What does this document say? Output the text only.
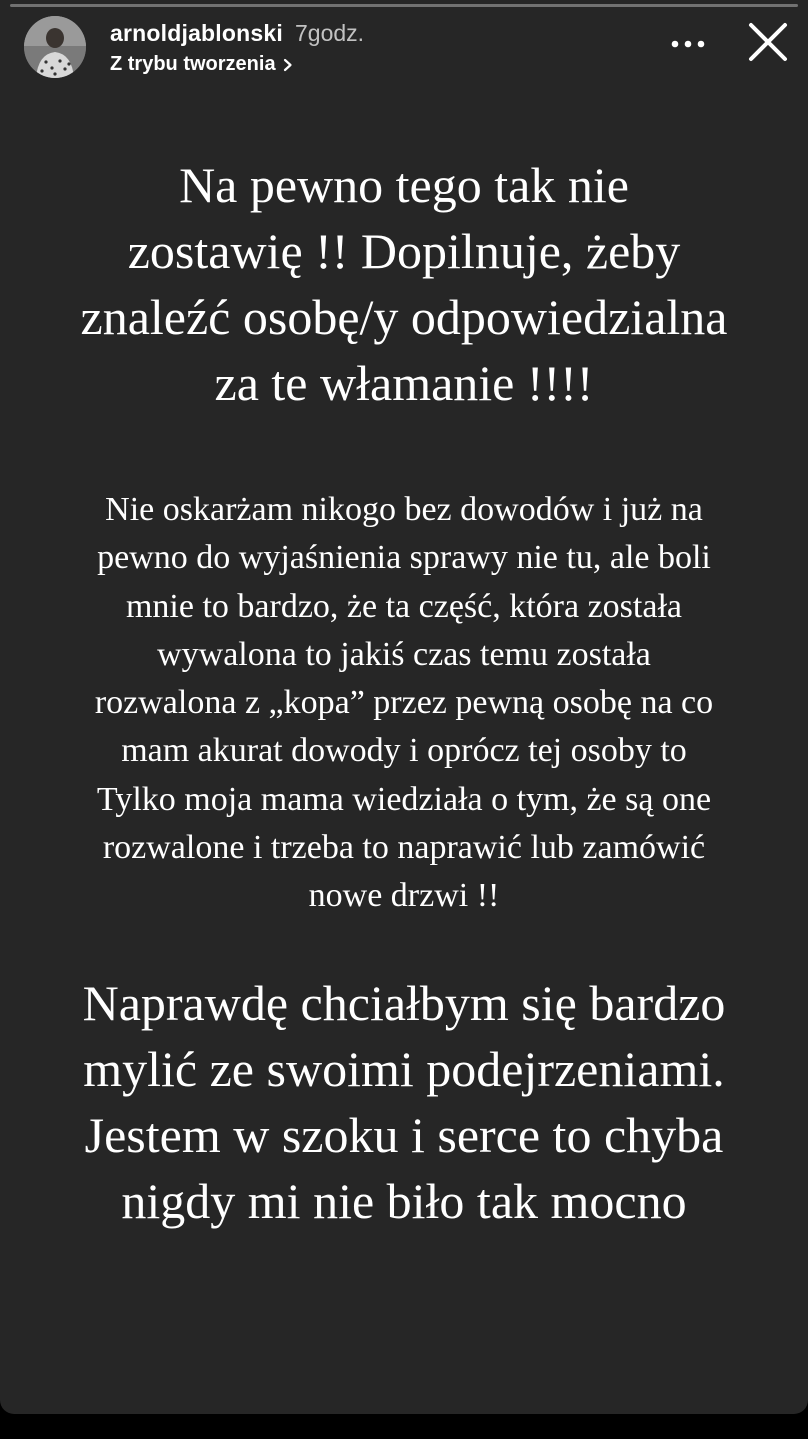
arnoldjablonski 7godz.
Z trybu tworzenia

Na pewno tego tak nie
zostawię !! Dopilnuje, żeby
znaleźć osobę/y odpowiedzialna
za te włamanie !!!!

Nie oskarżam nikogo bez dowodów i już na
pewno do wyjaśnienia sprawy nie tu, ale boli
mnie to bardzo, że ta część, która została
wywalona to jakiś czas temu została
rozwalona z „kopa” przez pewną osobę na co
mam akurat dowody i oprócz tej osoby to
Tylko moja mama wiedziała o tym, że są one
rozwalone i trzeba to naprawić lub zamówić
nowe drzwi !!

Naprawdę chciałbym się bardzo
mylić ze swoimi podejrzeniami.
Jestem w szoku i serce to chyba
nigdy mi nie biło tak mocno
